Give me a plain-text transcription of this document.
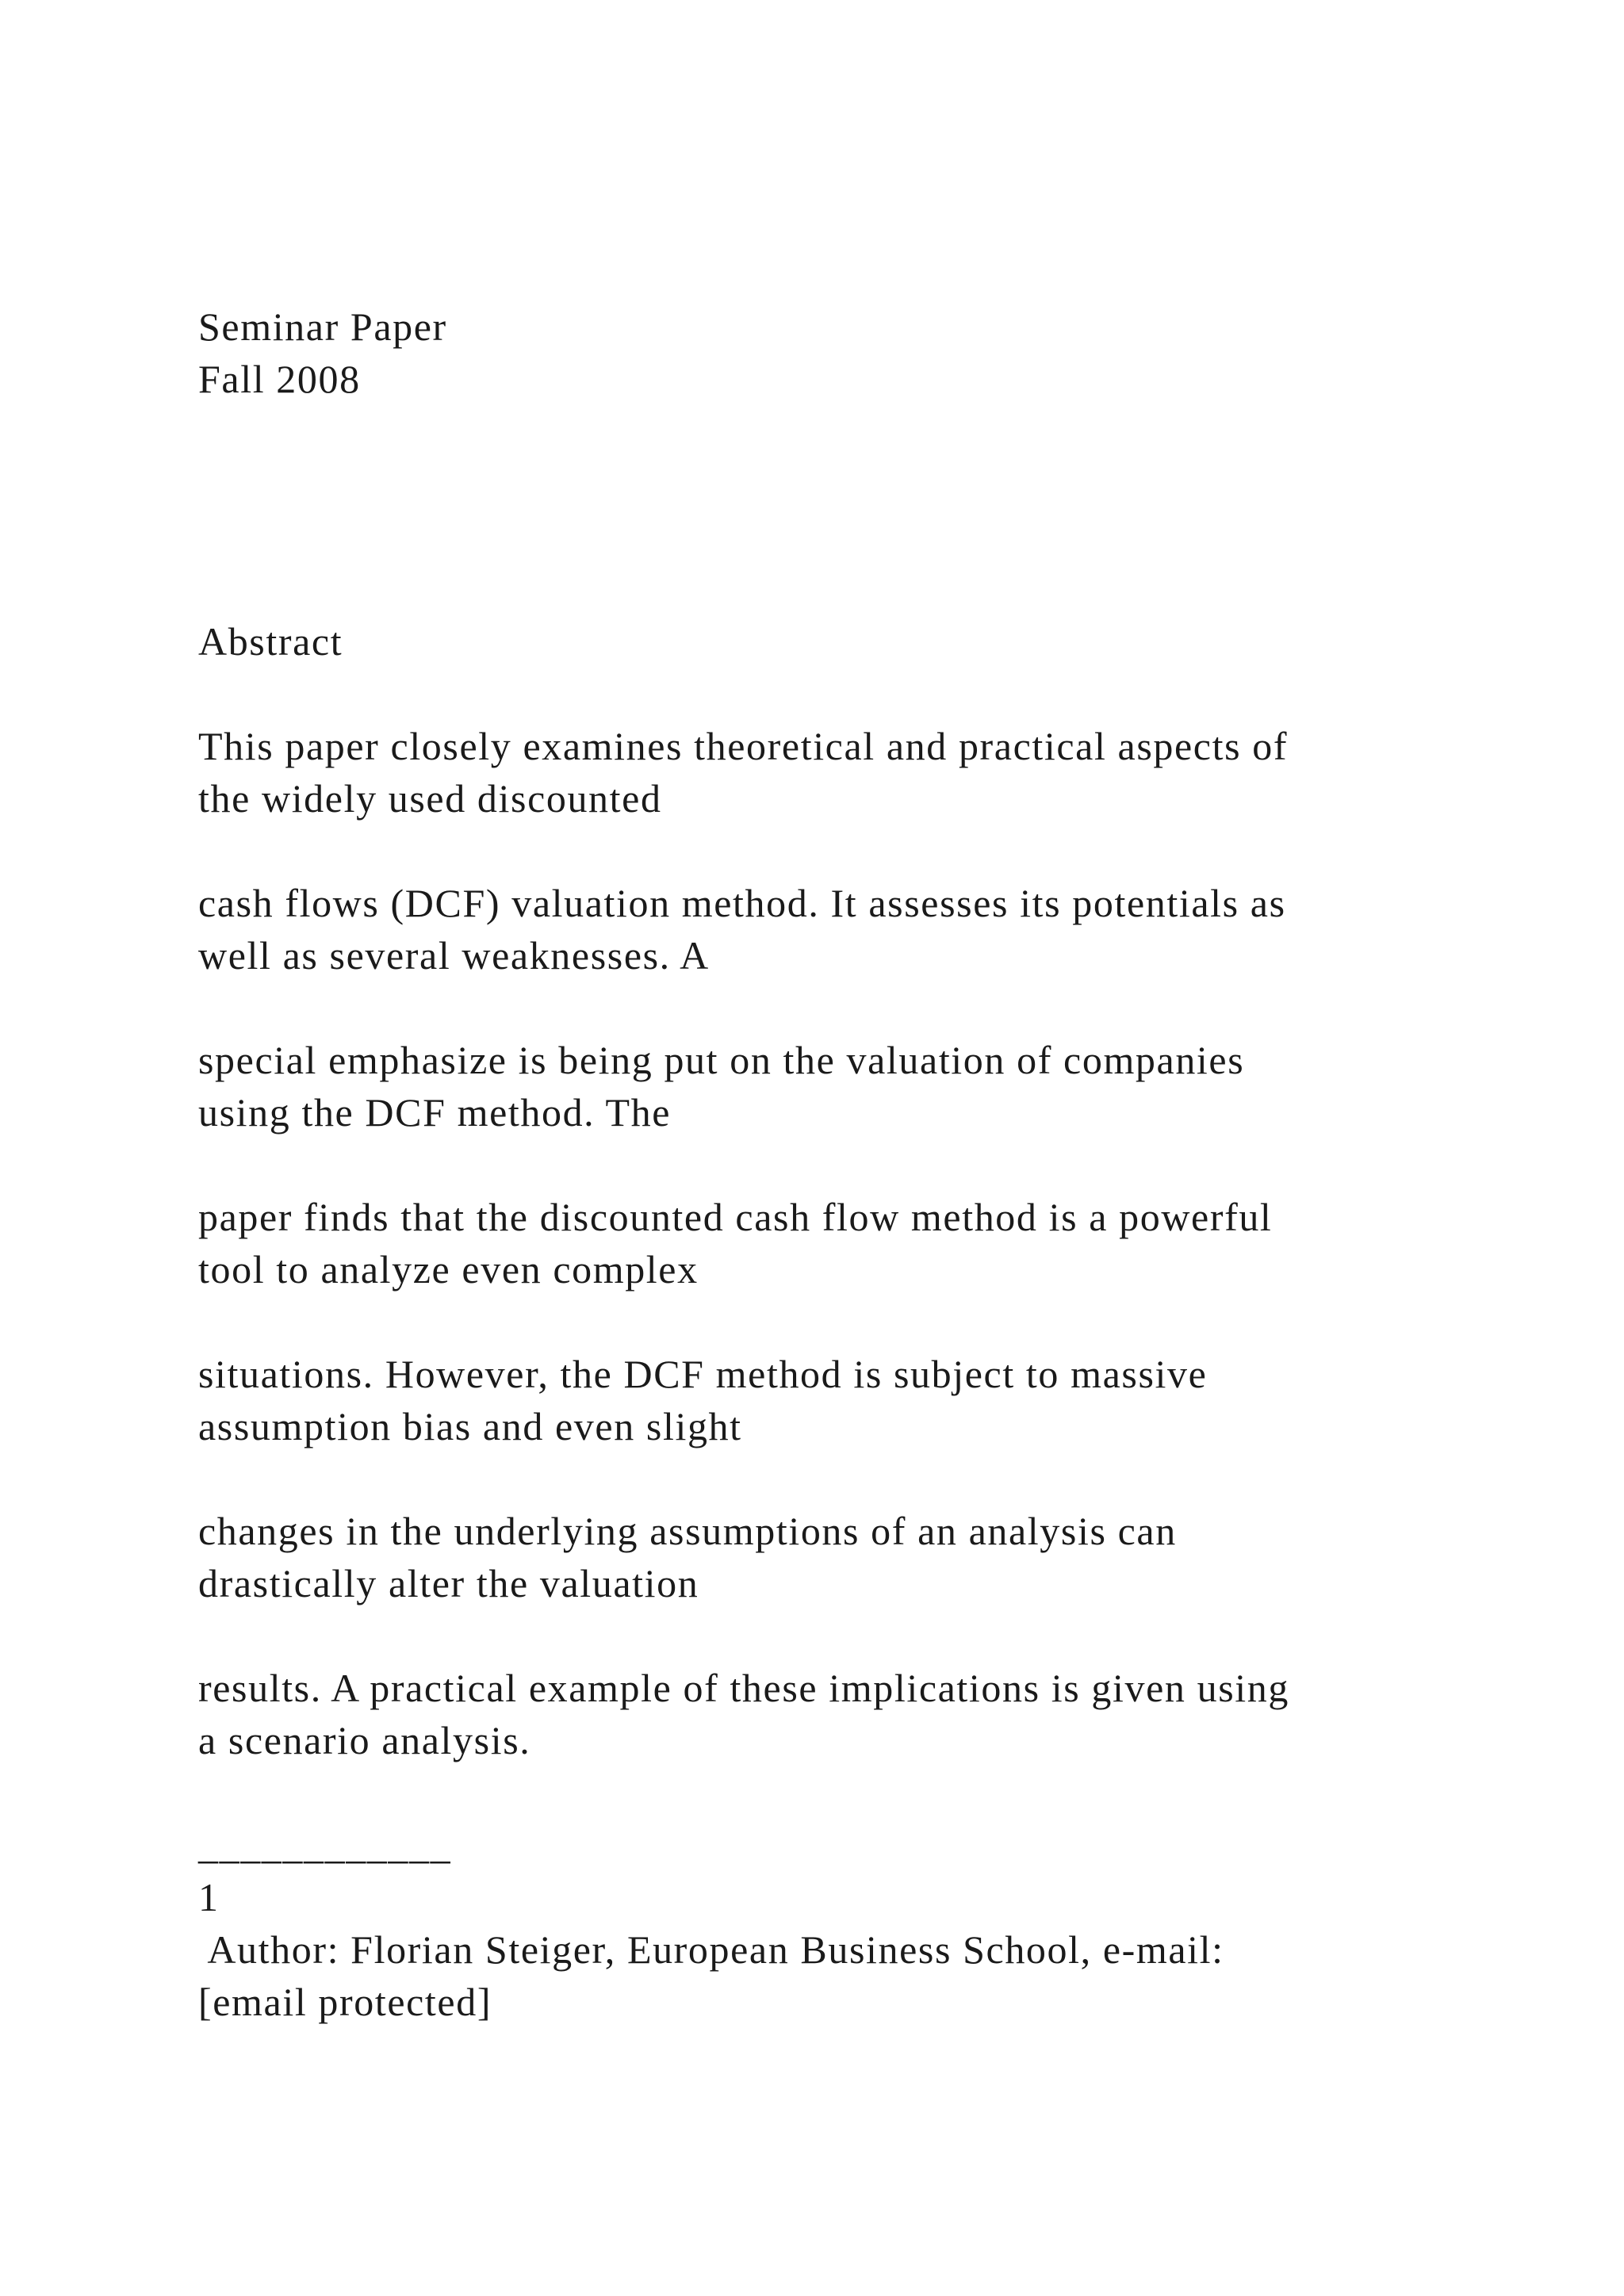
Seminar Paper
Fall 2008
Abstract
This paper closely examines theoretical and practical aspects of
the widely used discounted
cash flows (DCF) valuation method. It assesses its potentials as
well as several weaknesses. A
special emphasize is being put on the valuation of companies
using the DCF method. The
paper finds that the discounted cash flow method is a powerful
tool to analyze even complex
situations. However, the DCF method is subject to massive
assumption bias and even slight
changes in the underlying assumptions of an analysis can
drastically alter the valuation
results. A practical example of these implications is given using
a scenario analysis.
____________
1
Author: Florian Steiger, European Business School, e-mail:
[email protected]
